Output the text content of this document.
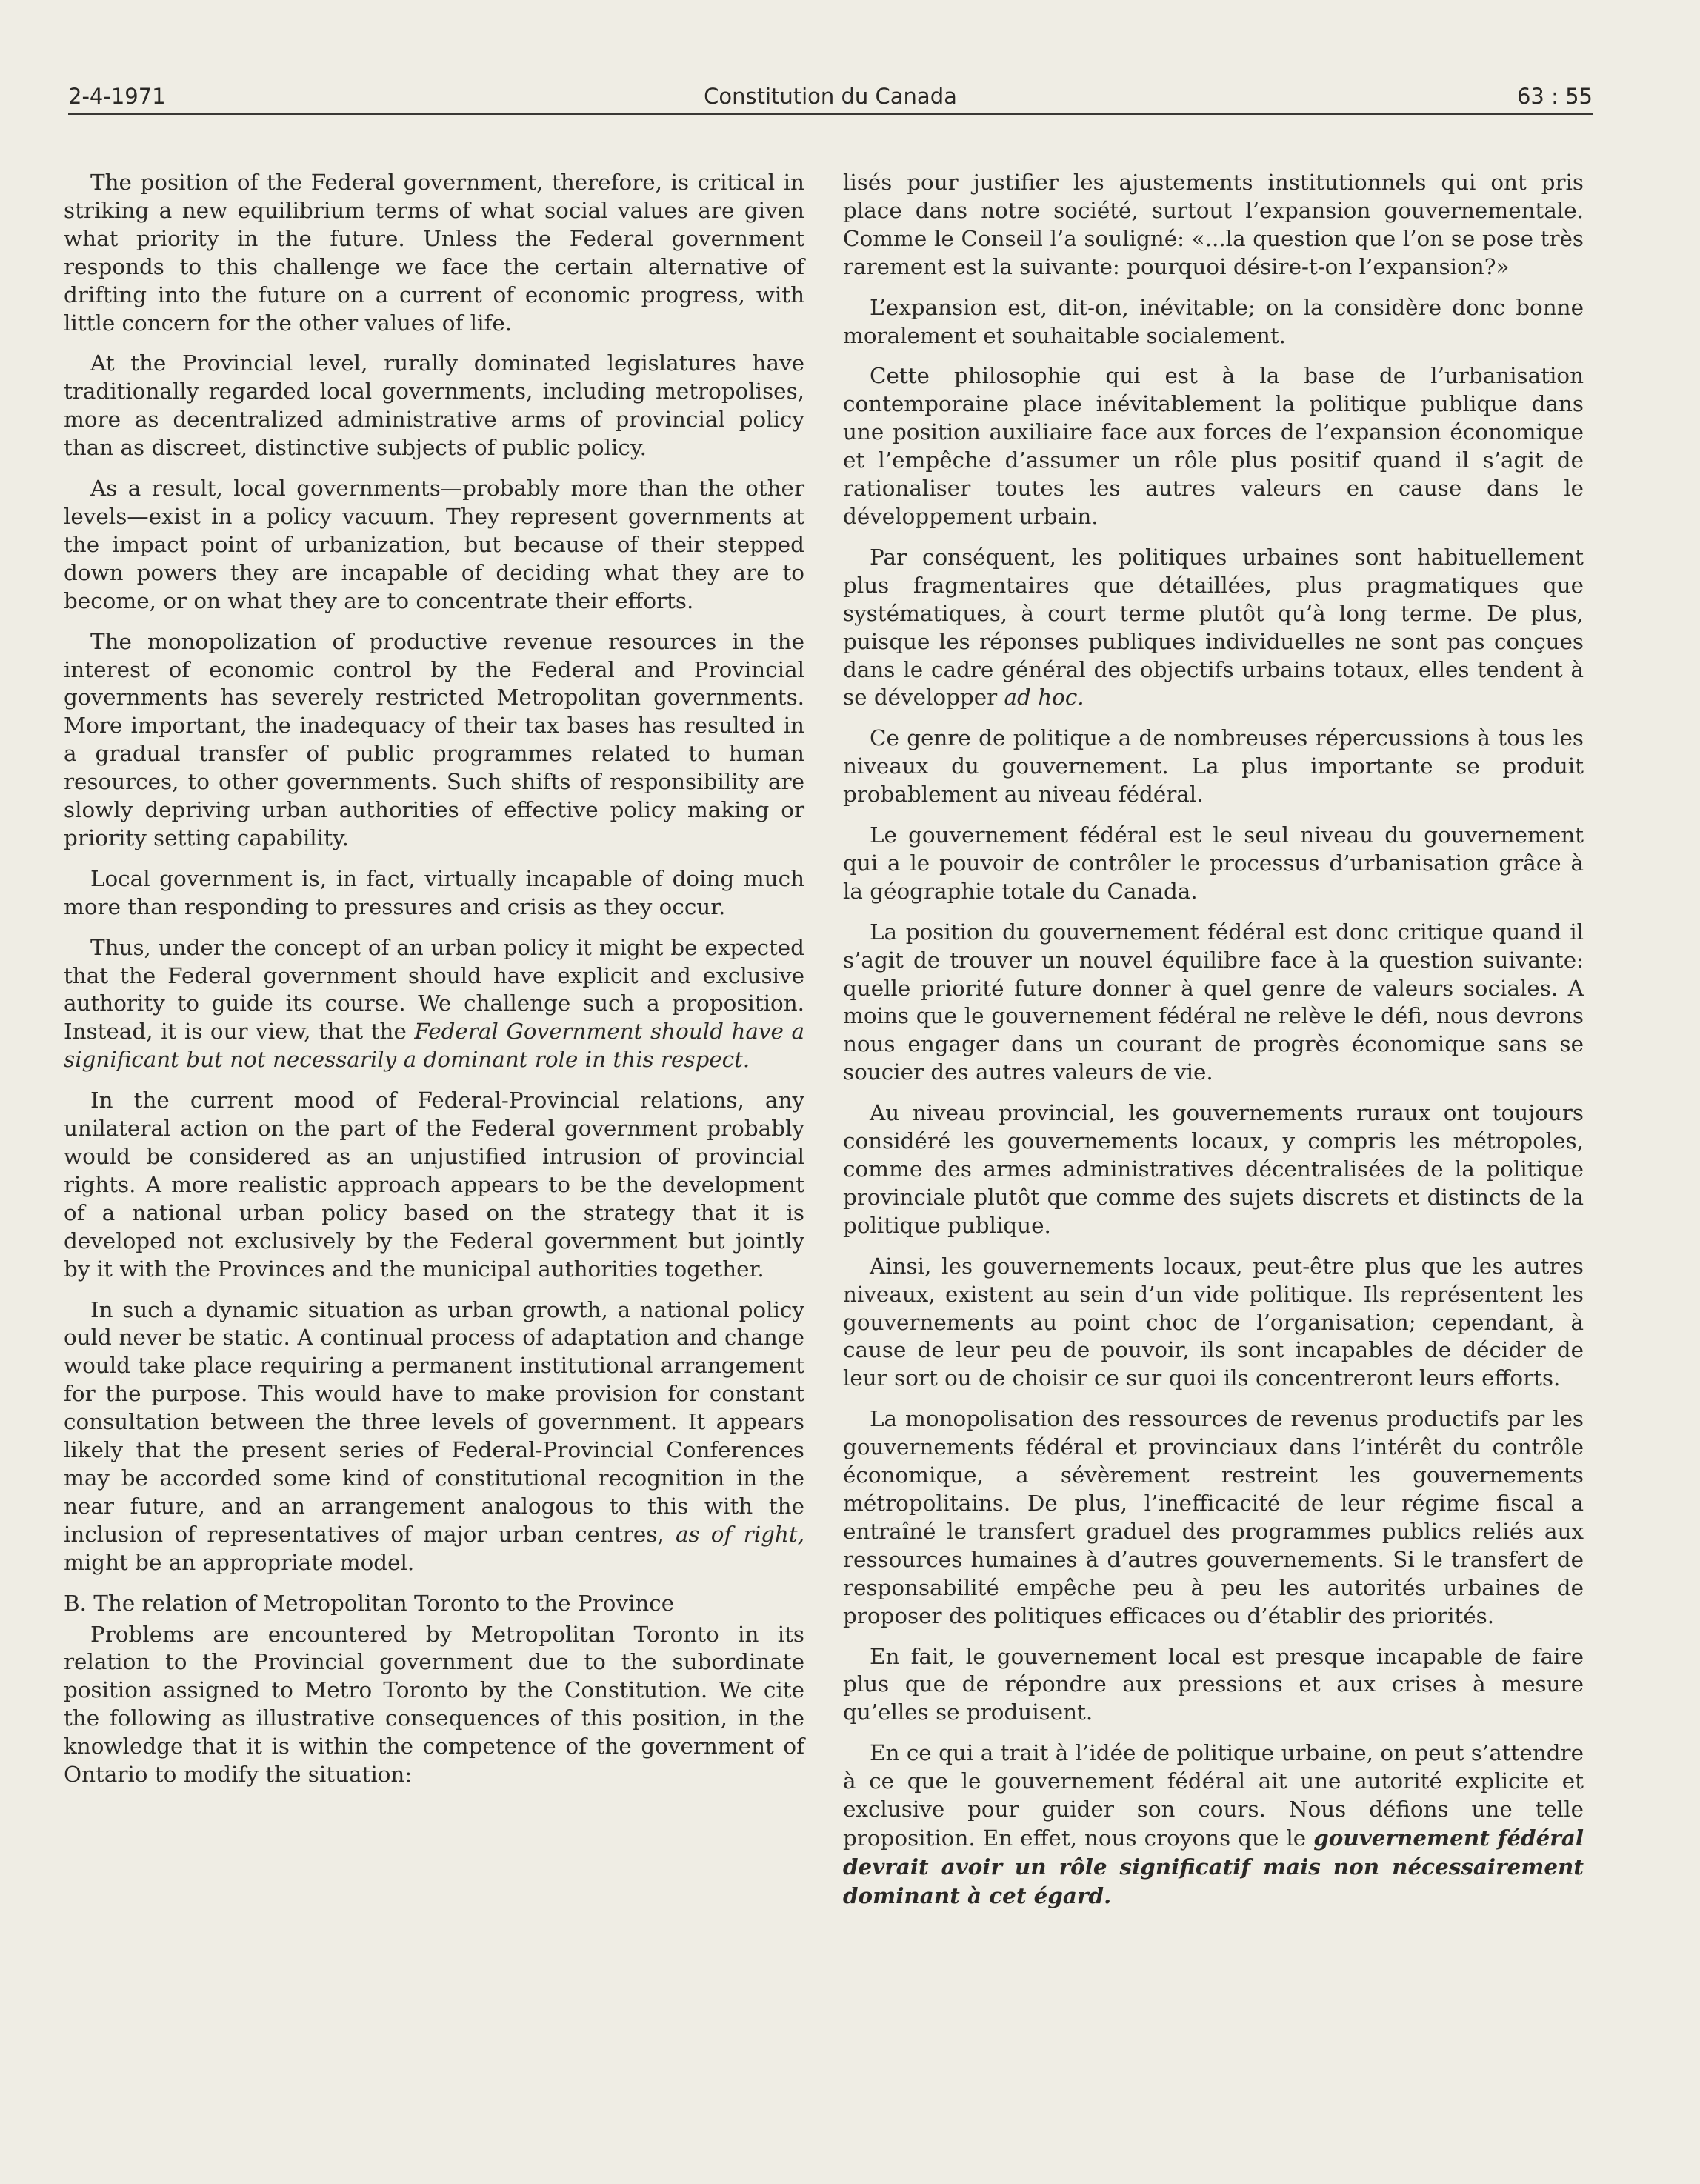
2-4-1971	Constitution du Canada	63 : 55

The position of the Federal government, therefore, is critical in striking a new equilibrium terms of what social values are given what priority in the future. Unless the Federal government responds to this challenge we face the certain alternative of drifting into the future on a current of economic progress, with little concern for the other values of life.

At the Provincial level, rurally dominated legislatures have traditionally regarded local governments, including metropolises, more as decentralized administrative arms of provincial policy than as discreet, distinctive subjects of public policy.

As a result, local governments—probably more than the other levels—exist in a policy vacuum. They represent governments at the impact point of urbanization, but because of their stepped down powers they are incapable of deciding what they are to become, or on what they are to concentrate their efforts.

The monopolization of productive revenue resources in the interest of economic control by the Federal and Provincial governments has severely restricted Metropolitan governments. More important, the inadequacy of their tax bases has resulted in a gradual transfer of public programmes related to human resources, to other governments. Such shifts of responsibility are slowly depriving urban authorities of effective policy making or priority setting capability.

Local government is, in fact, virtually incapable of doing much more than responding to pressures and crisis as they occur.

Thus, under the concept of an urban policy it might be expected that the Federal government should have explicit and exclusive authority to guide its course. We challenge such a proposition. Instead, it is our view, that the Federal Government should have a significant but not necessarily a dominant role in this respect.

In the current mood of Federal-Provincial relations, any unilateral action on the part of the Federal government probably would be considered as an unjustified intrusion of provincial rights. A more realistic approach appears to be the development of a national urban policy based on the strategy that it is developed not exclusively by the Federal government but jointly by it with the Provinces and the municipal authorities together.

In such a dynamic situation as urban growth, a national policy ould never be static. A continual process of adaptation and change would take place requiring a permanent institutional arrangement for the purpose. This would have to make provision for constant consultation between the three levels of government. It appears likely that the present series of Federal-Provincial Conferences may be accorded some kind of constitutional recognition in the near future, and an arrangement analogous to this with the inclusion of representatives of major urban centres, as of right, might be an appropriate model.

B. The relation of Metropolitan Toronto to the Province

Problems are encountered by Metropolitan Toronto in its relation to the Provincial government due to the subordinate position assigned to Metro Toronto by the Constitution. We cite the following as illustrative consequences of this position, in the knowledge that it is within the competence of the government of Ontario to modify the situation:

lisés pour justifier les ajustements institutionnels qui ont pris place dans notre société, surtout l’expansion gouvernementale. Comme le Conseil l’a souligné: «...la question que l’on se pose très rarement est la suivante: pourquoi désire-t-on l’expansion?»

L’expansion est, dit-on, inévitable; on la considère donc bonne moralement et souhaitable socialement.

Cette philosophie qui est à la base de l’urbanisation contemporaine place inévitablement la politique publique dans une position auxiliaire face aux forces de l’expansion économique et l’empêche d’assumer un rôle plus positif quand il s’agit de rationaliser toutes les autres valeurs en cause dans le développement urbain.

Par conséquent, les politiques urbaines sont habituellement plus fragmentaires que détaillées, plus pragmatiques que systématiques, à court terme plutôt qu’à long terme. De plus, puisque les réponses publiques individuelles ne sont pas conçues dans le cadre général des objectifs urbains totaux, elles tendent à se développer ad hoc.

Ce genre de politique a de nombreuses répercussions à tous les niveaux du gouvernement. La plus importante se produit probablement au niveau fédéral.

Le gouvernement fédéral est le seul niveau du gouvernement qui a le pouvoir de contrôler le processus d’urbanisation grâce à la géographie totale du Canada.

La position du gouvernement fédéral est donc critique quand il s’agit de trouver un nouvel équilibre face à la question suivante: quelle priorité future donner à quel genre de valeurs sociales. A moins que le gouvernement fédéral ne relève le défi, nous devrons nous engager dans un courant de progrès économique sans se soucier des autres valeurs de vie.

Au niveau provincial, les gouvernements ruraux ont toujours considéré les gouvernements locaux, y compris les métropoles, comme des armes administratives décentralisées de la politique provinciale plutôt que comme des sujets discrets et distincts de la politique publique.

Ainsi, les gouvernements locaux, peut-être plus que les autres niveaux, existent au sein d’un vide politique. Ils représentent les gouvernements au point choc de l’organisation; cependant, à cause de leur peu de pouvoir, ils sont incapables de décider de leur sort ou de choisir ce sur quoi ils concentreront leurs efforts.

La monopolisation des ressources de revenus productifs par les gouvernements fédéral et provinciaux dans l’intérêt du contrôle économique, a sévèrement restreint les gouvernements métropolitains. De plus, l’inefficacité de leur régime fiscal a entraîné le transfert graduel des programmes publics reliés aux ressources humaines à d’autres gouvernements. Si le transfert de responsabilité empêche peu à peu les autorités urbaines de proposer des politiques efficaces ou d’établir des priorités.

En fait, le gouvernement local est presque incapable de faire plus que de répondre aux pressions et aux crises à mesure qu’elles se produisent.

En ce qui a trait à l’idée de politique urbaine, on peut s’attendre à ce que le gouvernement fédéral ait une autorité explicite et exclusive pour guider son cours. Nous défions une telle proposition. En effet, nous croyons que le gouvernement fédéral devrait avoir un rôle significatif mais non nécessairement dominant à cet égard.
